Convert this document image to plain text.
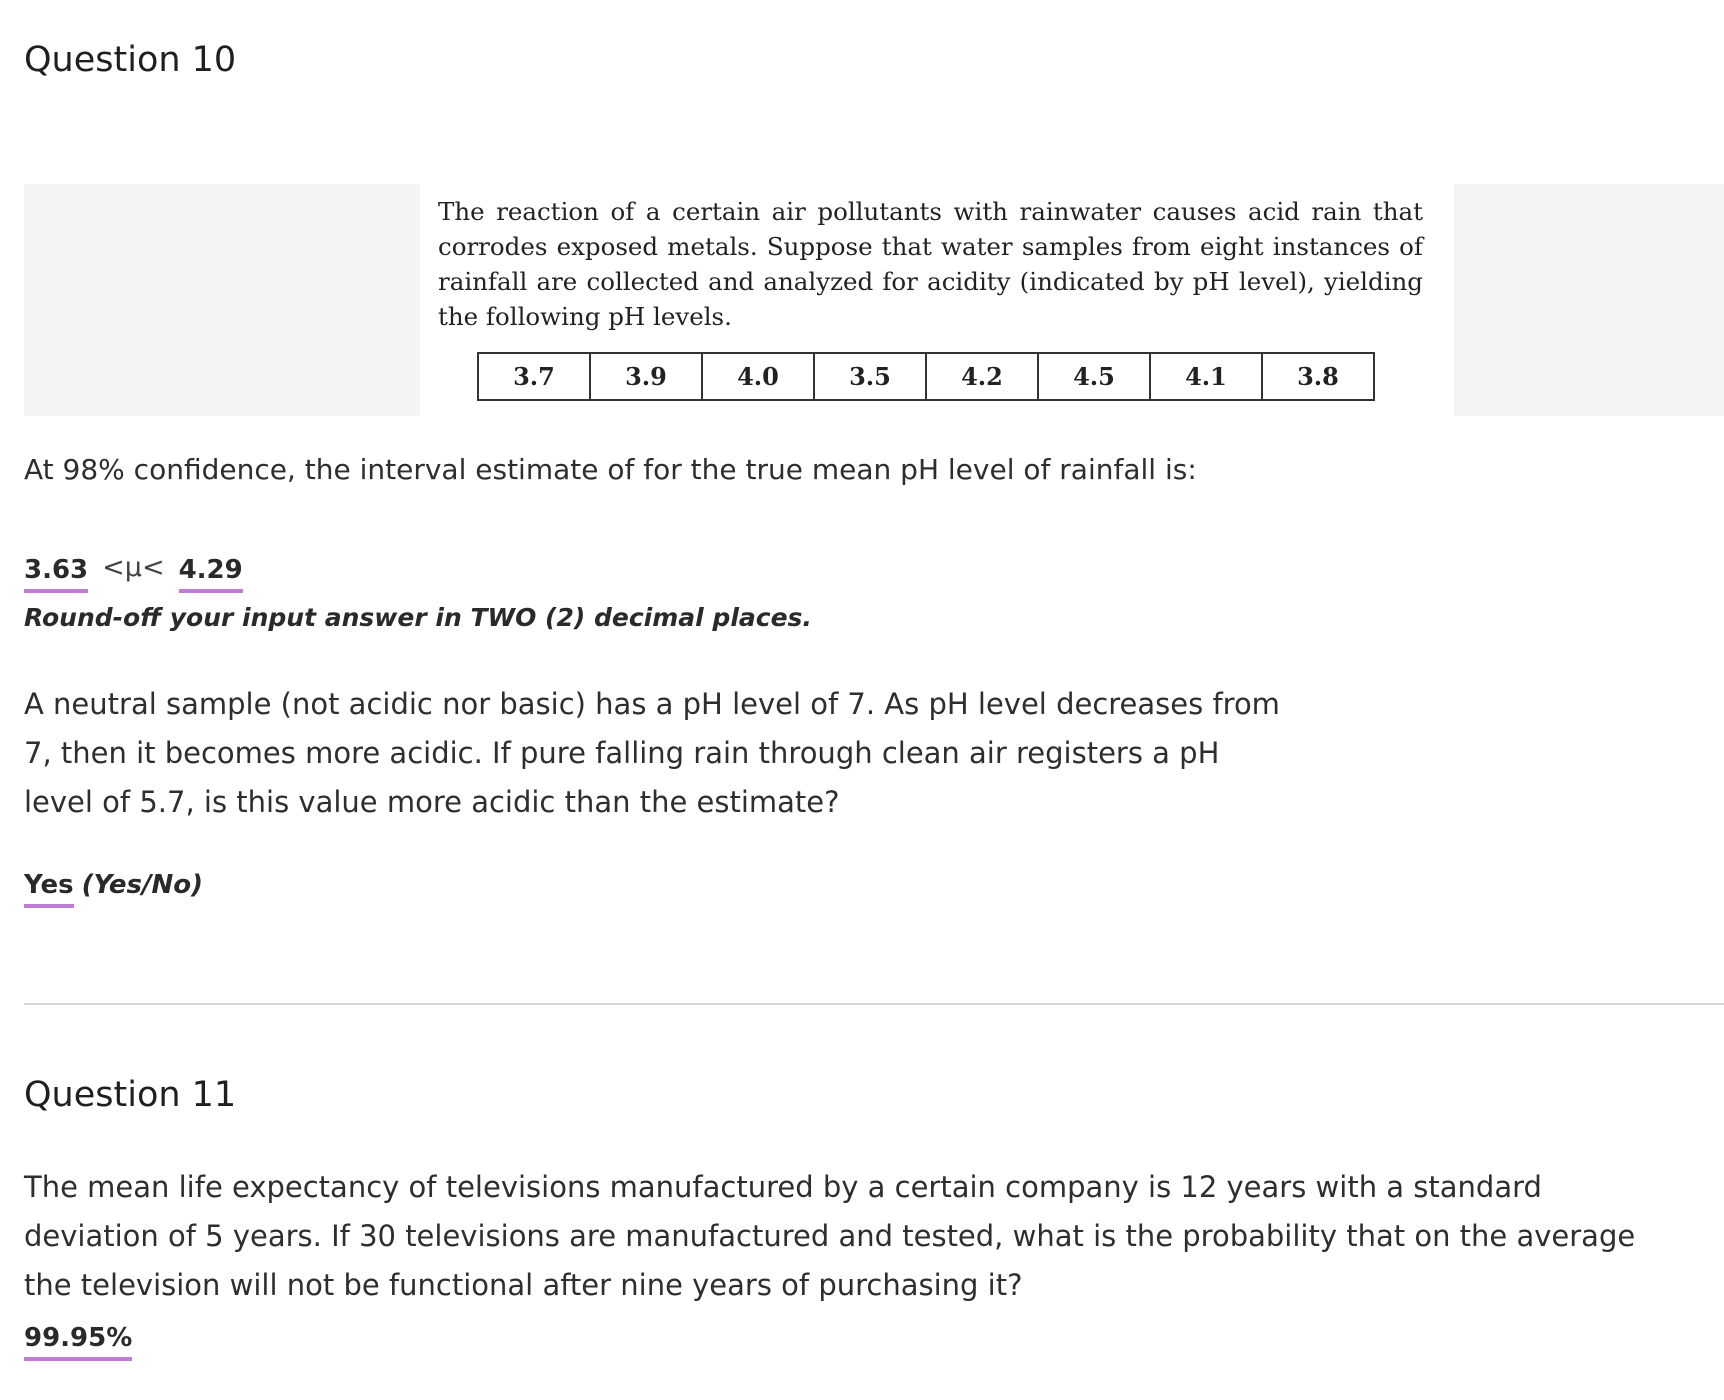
Question 10

The reaction of a certain air pollutants with rainwater causes acid rain that corrodes exposed metals. Suppose that water samples from eight instances of rainfall are collected and analyzed for acidity (indicated by pH level), yielding the following pH levels.

3.7	3.9	4.0	3.5	4.2	4.5	4.1	3.8

At 98% confidence, the interval estimate of for the true mean pH level of rainfall is:

3.63 <μ< 4.29

Round-off your input answer in TWO (2) decimal places.

A neutral sample (not acidic nor basic) has a pH level of 7. As pH level decreases from 7, then it becomes more acidic. If pure falling rain through clean air registers a pH level of 5.7, is this value more acidic than the estimate?

Yes (Yes/No)
Question 11

The mean life expectancy of televisions manufactured by a certain company is 12 years with a standard deviation of 5 years. If 30 televisions are manufactured and tested, what is the probability that on the average the television will not be functional after nine years of purchasing it?

99.95%
